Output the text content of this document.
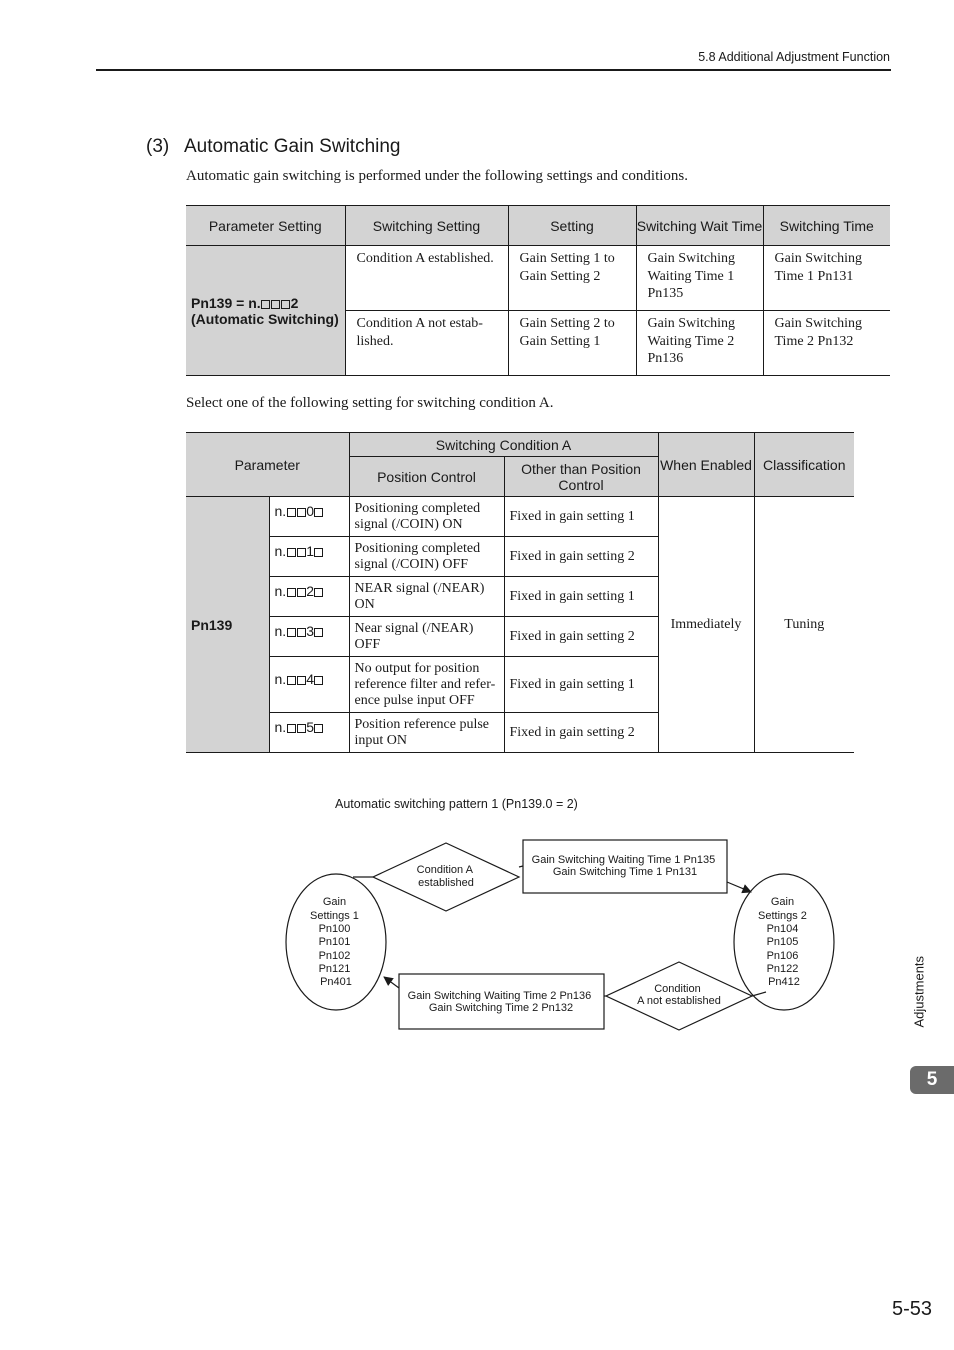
5.8 Additional Adjustment Function
(3)   Automatic Gain Switching
Automatic gain switching is performed under the following settings and conditions.
Parameter Setting	Switching Setting	Setting	Switching Wait Time	Switching Time
Pn139 = n. 2
(Automatic Switching)	Condition A established.	Gain Setting 1 to Gain Setting 2	Gain Switching Waiting Time 1 Pn135	Gain Switching Time 1 Pn131
	Condition A not estab-lished.	Gain Setting 2 to Gain Setting 1	Gain Switching Waiting Time 2 Pn136	Gain Switching Time 2 Pn132
Select one of the following setting for switching condition A.
Parameter		Switching Condition A		When Enabled	Classification
		Position Control	Other than Position Control		
Pn139	n. 0	Positioning completed signal (/COIN) ON	Fixed in gain setting 1	Immediately	Tuning
	n. 1	Positioning completed signal (/COIN) OFF	Fixed in gain setting 2		
	n. 2	NEAR signal (/NEAR) ON	Fixed in gain setting 1		
	n. 3	Near signal (/NEAR) OFF	Fixed in gain setting 2		
	n. 4	No output for position reference filter and refer-ence pulse input OFF	Fixed in gain setting 1		
	n. 5	Position reference pulse input ON	Fixed in gain setting 2		
Automatic switching pattern 1 (Pn139.0 = 2)
Gain Settings 1 Pn100 Pn101 Pn102 Pn121 Pn401
Gain Settings 2 Pn104 Pn105 Pn106 Pn122 Pn412
Condition A established
Gain Switching Waiting Time 1 Pn135 Gain Switching Time 1 Pn131
Condition A not established
Gain Switching Waiting Time 2 Pn136 Gain Switching Time 2 Pn132	Adjustments
5
5-53
